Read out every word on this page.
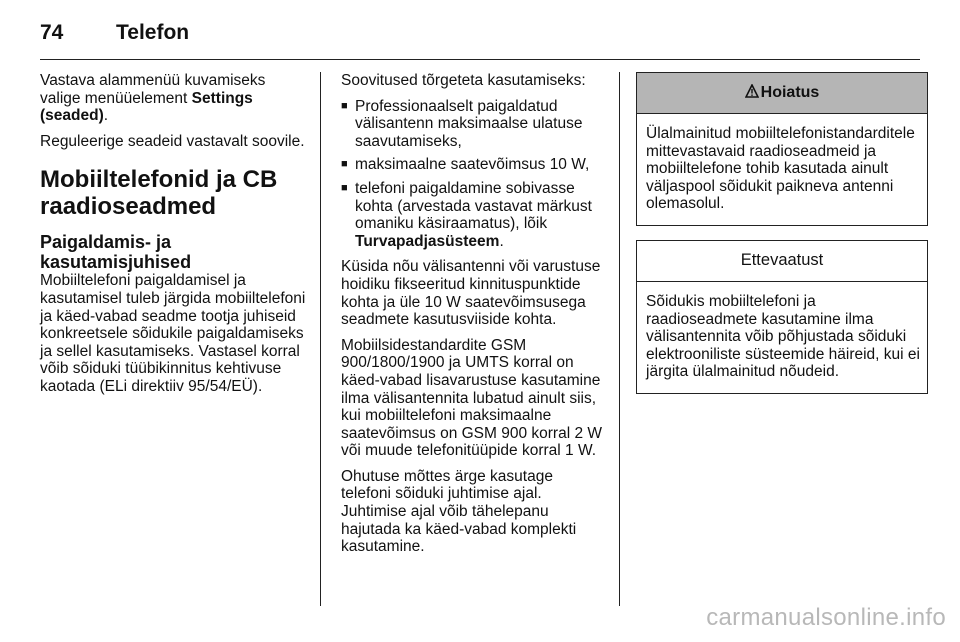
74	Telefon

Vastava alammenüü kuvamiseks valige menüüelement Settings (seaded).

Reguleerige seadeid vastavalt soovile.

Mobiiltelefonid ja CB raadioseadmed
Paigaldamis- ja kasutamisjuhised

Mobiiltelefoni paigaldamisel ja kasutamisel tuleb järgida mobiiltelefoni ja käed-vabad seadme tootja juhiseid konkreetsele sõidukile paigaldamiseks ja sellel kasutamiseks. Vastasel korral võib sõiduki tüübikinnitus kehtivuse kaotada (ELi direktiiv 95/54/EÜ).

Soovitused tõrgeteta kasutamiseks:

■ Professionaalselt paigaldatud välisantenn maksimaalse ulatuse saavutamiseks,
■ maksimaalne saatevõimsus 10 W,
■ telefoni paigaldamine sobivasse kohta (arvestada vastavat märkust omaniku käsiraamatus), lõik Turvapadjasüsteem.

Küsida nõu välisantenni või varustuse hoidiku fikseeritud kinnituspunktide kohta ja üle 10 W saatevõimsusega seadmete kasutusviiside kohta.

Mobiilsidestandardite GSM 900/1800/1900 ja UMTS korral on käed-vabad lisavarustuse kasutamine ilma välisantennita lubatud ainult siis, kui mobiiltelefoni maksimaalne saatevõimsus on GSM 900 korral 2 W või muude telefonitüüpide korral 1 W.

Ohutuse mõttes ärge kasutage telefoni sõiduki juhtimise ajal. Juhtimise ajal võib tähelepanu hajutada ka käed-vabad komplekti kasutamine.

Hoiatus
Ülalmainitud mobiiltelefonistandarditele mittevastavaid raadioseadmeid ja mobiiltelefone tohib kasutada ainult väljaspool sõidukit paikneva antenni olemasolul.
Ettevaatust
Sõidukis mobiiltelefoni ja raadioseadmete kasutamine ilma välisantennita võib põhjustada sõiduki elektrooniliste süsteemide häireid, kui ei järgita ülalmainitud nõudeid.
carmanualsonline.info
